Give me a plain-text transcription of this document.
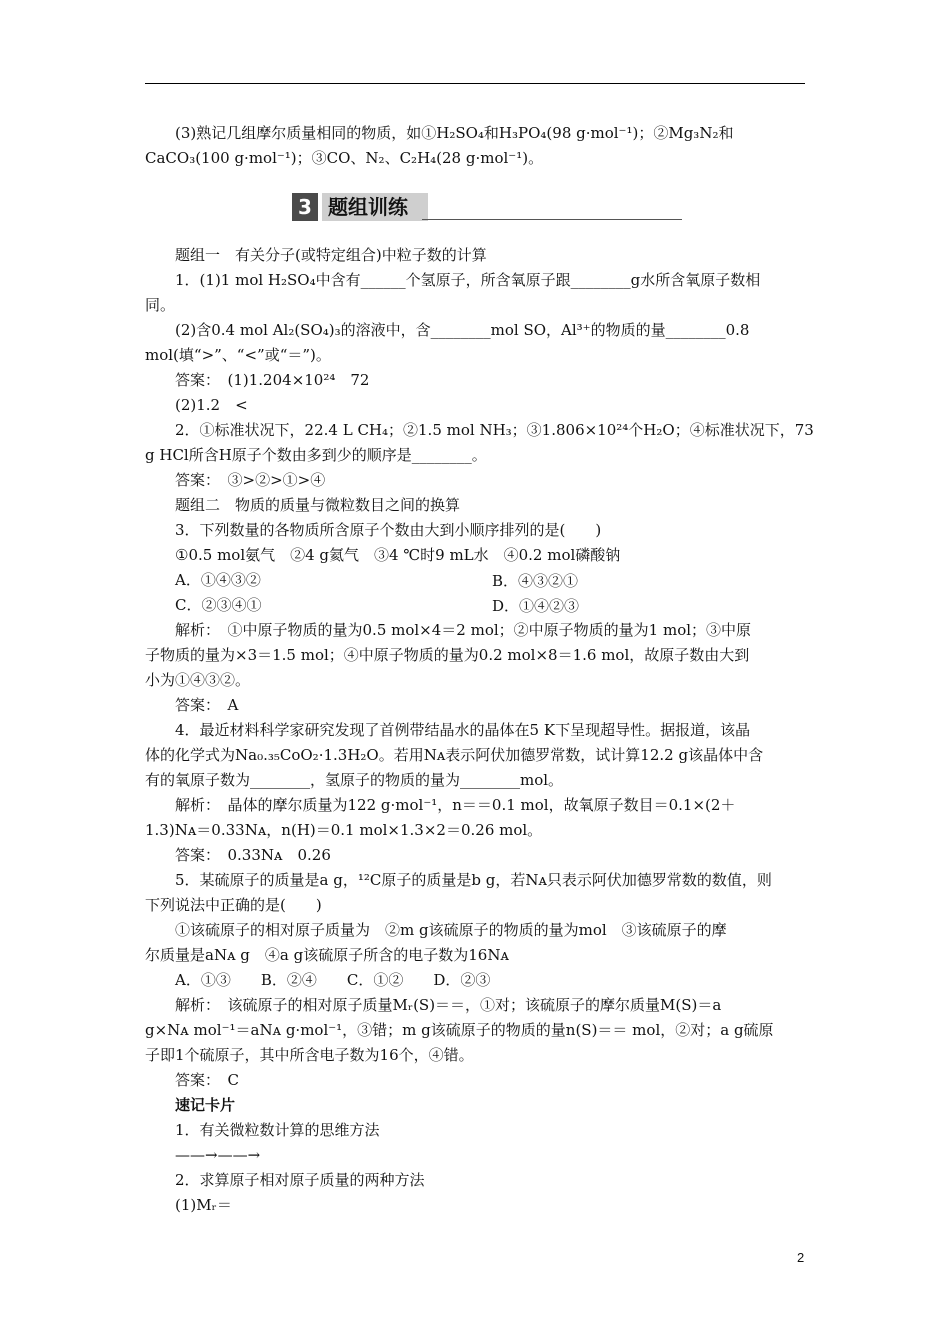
(3)熟记几组摩尔质量相同的物质，如①H₂SO₄和H₃PO₄(98 g·mol⁻¹)；②Mg₃N₂和
CaCO₃(100 g·mol⁻¹)；③CO、N₂、C₂H₄(28 g·mol⁻¹)。
3 题组训练
题组一　有关分子(或特定组合)中粒子数的计算
1．(1)1 mol H₂SO₄中含有______个氢原子，所含氧原子跟________g水所含氧原子数相
同。
(2)含0.4 mol Al₂(SO₄)₃的溶液中，含________mol SO，Al³⁺的物质的量________0.8
mol(填“>”、“<”或“＝”)。
答案：　(1)1.204×10²⁴　72
(2)1.2　<
2．①标准状况下，22.4 L CH₄；②1.5 mol NH₃；③1.806×10²⁴个H₂O；④标准状况下，73
g HCl所含H原子个数由多到少的顺序是________。
答案：　③>②>①>④
题组二　物质的质量与微粒数目之间的换算
3．下列数量的各物质所含原子个数由大到小顺序排列的是(　　)
①0.5 mol氨气　②4 g氦气　③4 ℃时9 mL水　④0.2 mol磷酸钠
A．①④③②	B．④③②①
C．②③④①	D．①④②③
解析：　①中原子物质的量为0.5 mol×4＝2 mol；②中原子物质的量为1 mol；③中原
子物质的量为×3＝1.5 mol；④中原子物质的量为0.2 mol×8＝1.6 mol，故原子数由大到
小为①④③②。
答案：　A
4．最近材料科学家研究发现了首例带结晶水的晶体在5 K下呈现超导性。据报道，该晶
体的化学式为Na₀.₃₅CoO₂·1.3H₂O。若用Nᴀ表示阿伏加德罗常数，试计算12.2 g该晶体中含
有的氧原子数为________，氢原子的物质的量为________mol。
解析：　晶体的摩尔质量为122 g·mol⁻¹，n＝＝0.1 mol，故氧原子数目＝0.1×(2＋
1.3)Nᴀ＝0.33Nᴀ，n(H)＝0.1 mol×1.3×2＝0.26 mol。
答案：　0.33Nᴀ　0.26
5．某硫原子的质量是a g，¹²C原子的质量是b g，若Nᴀ只表示阿伏加德罗常数的数值，则
下列说法中正确的是(　　)
①该硫原子的相对原子质量为　②m g该硫原子的物质的量为mol　③该硫原子的摩
尔质量是aNᴀ g　④a g该硫原子所含的电子数为16Nᴀ
A．①③　　B．②④　　C．①②　　D．②③
解析：　该硫原子的相对原子质量Mᵣ(S)＝＝，①对；该硫原子的摩尔质量M(S)＝a
g×Nᴀ mol⁻¹＝aNᴀ g·mol⁻¹，③错；m g该硫原子的物质的量n(S)＝＝ mol，②对；a g硫原
子即1个硫原子，其中所含电子数为16个，④错。
答案：　C
速记卡片
1．有关微粒数计算的思维方法
——→——→
2．求算原子相对原子质量的两种方法
(1)Mᵣ＝
2
